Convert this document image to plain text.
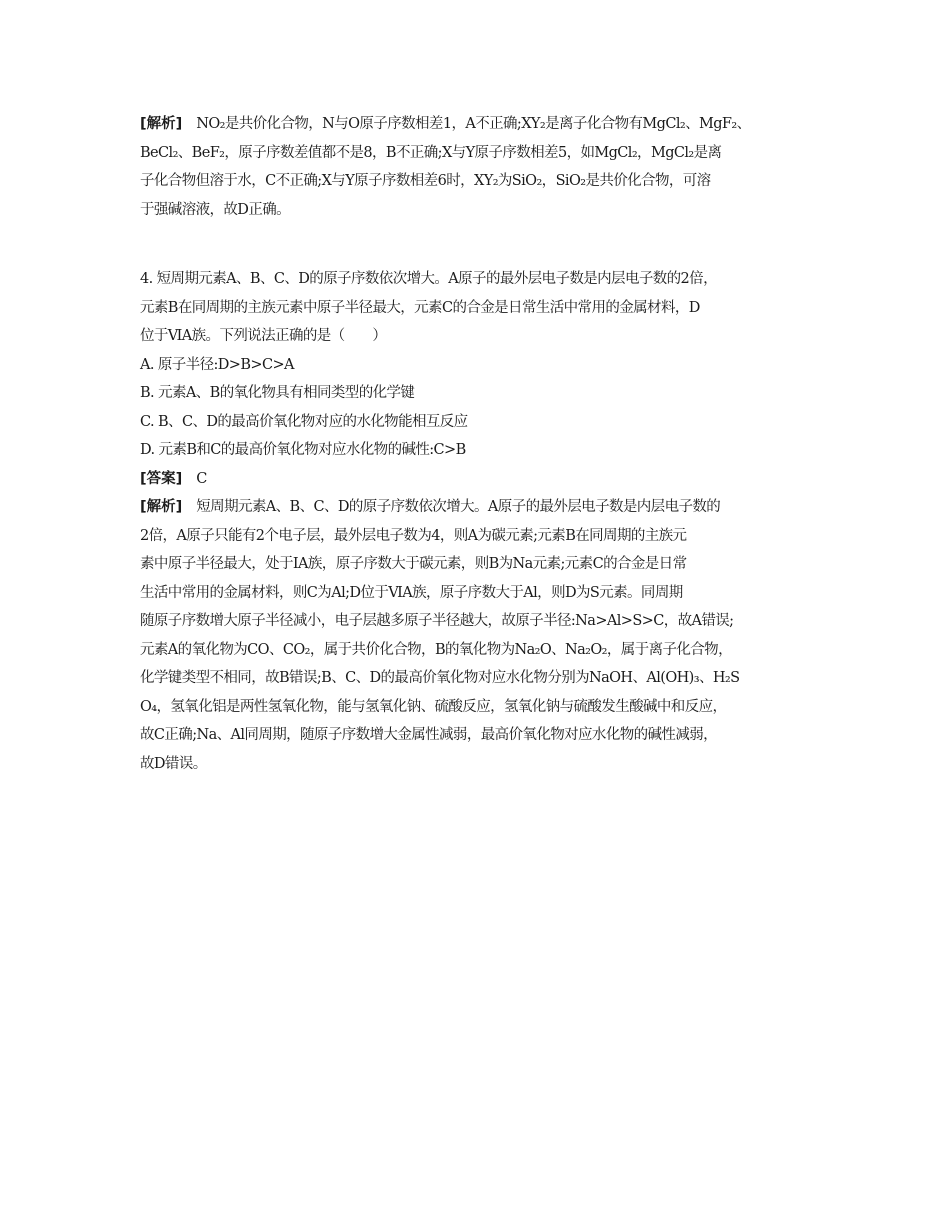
[解析] NO₂是共价化合物，N与O原子序数相差1，A不正确;XY₂是离子化合物有MgCl₂、MgF₂、
BeCl₂、BeF₂，原子序数差值都不是8，B不正确;X与Y原子序数相差5，如MgCl₂，MgCl₂是离
子化合物但溶于水，C不正确;X与Y原子序数相差6时，XY₂为SiO₂，SiO₂是共价化合物，可溶
于强碱溶液，故D正确。
4. 短周期元素A、B、C、D的原子序数依次增大。A原子的最外层电子数是内层电子数的2倍，
元素B在同周期的主族元素中原子半径最大，元素C的合金是日常生活中常用的金属材料，D
位于ⅥA族。下列说法正确的是（　　）
A. 原子半径:D>B>C>A
B. 元素A、B的氧化物具有相同类型的化学键
C. B、C、D的最高价氧化物对应的水化物能相互反应
D. 元素B和C的最高价氧化物对应水化物的碱性:C>B
[答案] C
[解析] 短周期元素A、B、C、D的原子序数依次增大。A原子的最外层电子数是内层电子数的
2倍，A原子只能有2个电子层，最外层电子数为4，则A为碳元素;元素B在同周期的主族元
素中原子半径最大，处于ⅠA族，原子序数大于碳元素，则B为Na元素;元素C的合金是日常
生活中常用的金属材料，则C为Al;D位于ⅥA族，原子序数大于Al，则D为S元素。同周期
随原子序数增大原子半径减小，电子层越多原子半径越大，故原子半径:Na>Al>S>C，故A错误;
元素A的氧化物为CO、CO₂，属于共价化合物，B的氧化物为Na₂O、Na₂O₂，属于离子化合物，
化学键类型不相同，故B错误;B、C、D的最高价氧化物对应水化物分别为NaOH、Al(OH)₃、H₂S
O₄，氢氧化铝是两性氢氧化物，能与氢氧化钠、硫酸反应，氢氧化钠与硫酸发生酸碱中和反应，
故C正确;Na、Al同周期，随原子序数增大金属性减弱，最高价氧化物对应水化物的碱性减弱，
故D错误。
